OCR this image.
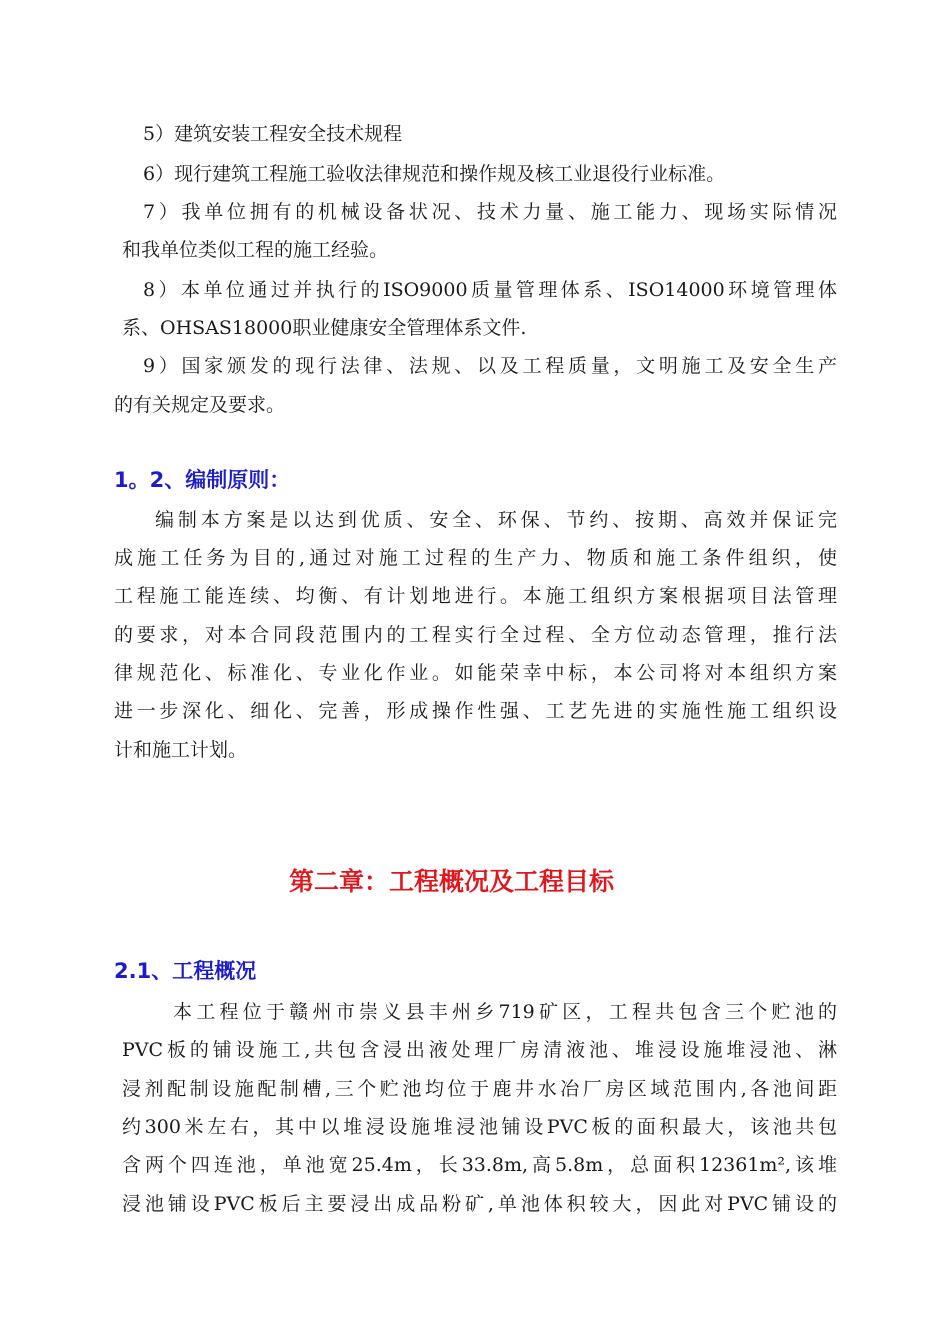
5）建筑安装工程安全技术规程
6）现行建筑工程施工验收法律规范和操作规及核工业退役行业标准。
7）我单位拥有的机械设备状况、技术力量、施工能力、现场实际情况
和我单位类似工程的施工经验。
8）本单位通过并执行的ISO9000质量管理体系、ISO14000环境管理体
系、OHSAS18000职业健康安全管理体系文件.
9）国家颁发的现行法律、法规、以及工程质量，文明施工及安全生产
的有关规定及要求。
1。2、编制原则：
编制本方案是以达到优质、安全、环保、节约、按期、高效并保证完
成施工任务为目的,通过对施工过程的生产力、物质和施工条件组织，使
工程施工能连续、均衡、有计划地进行。本施工组织方案根据项目法管理
的要求，对本合同段范围内的工程实行全过程、全方位动态管理，推行法
律规范化、标准化、专业化作业。如能荣幸中标，本公司将对本组织方案
进一步深化、细化、完善，形成操作性强、工艺先进的实施性施工组织设
计和施工计划。
第二章：工程概况及工程目标
2.1、工程概况
本工程位于赣州市崇义县丰州乡719矿区，工程共包含三个贮池的
PVC板的铺设施工,共包含浸出液处理厂房清液池、堆浸设施堆浸池、淋
浸剂配制设施配制槽,三个贮池均位于鹿井水冶厂房区域范围内,各池间距
约300米左右，其中以堆浸设施堆浸池铺设PVC板的面积最大，该池共包
含两个四连池，单池宽25.4m，长33.8m,高5.8m，总面积12361m²,该堆
浸池铺设PVC板后主要浸出成品粉矿,单池体积较大，因此对PVC铺设的
